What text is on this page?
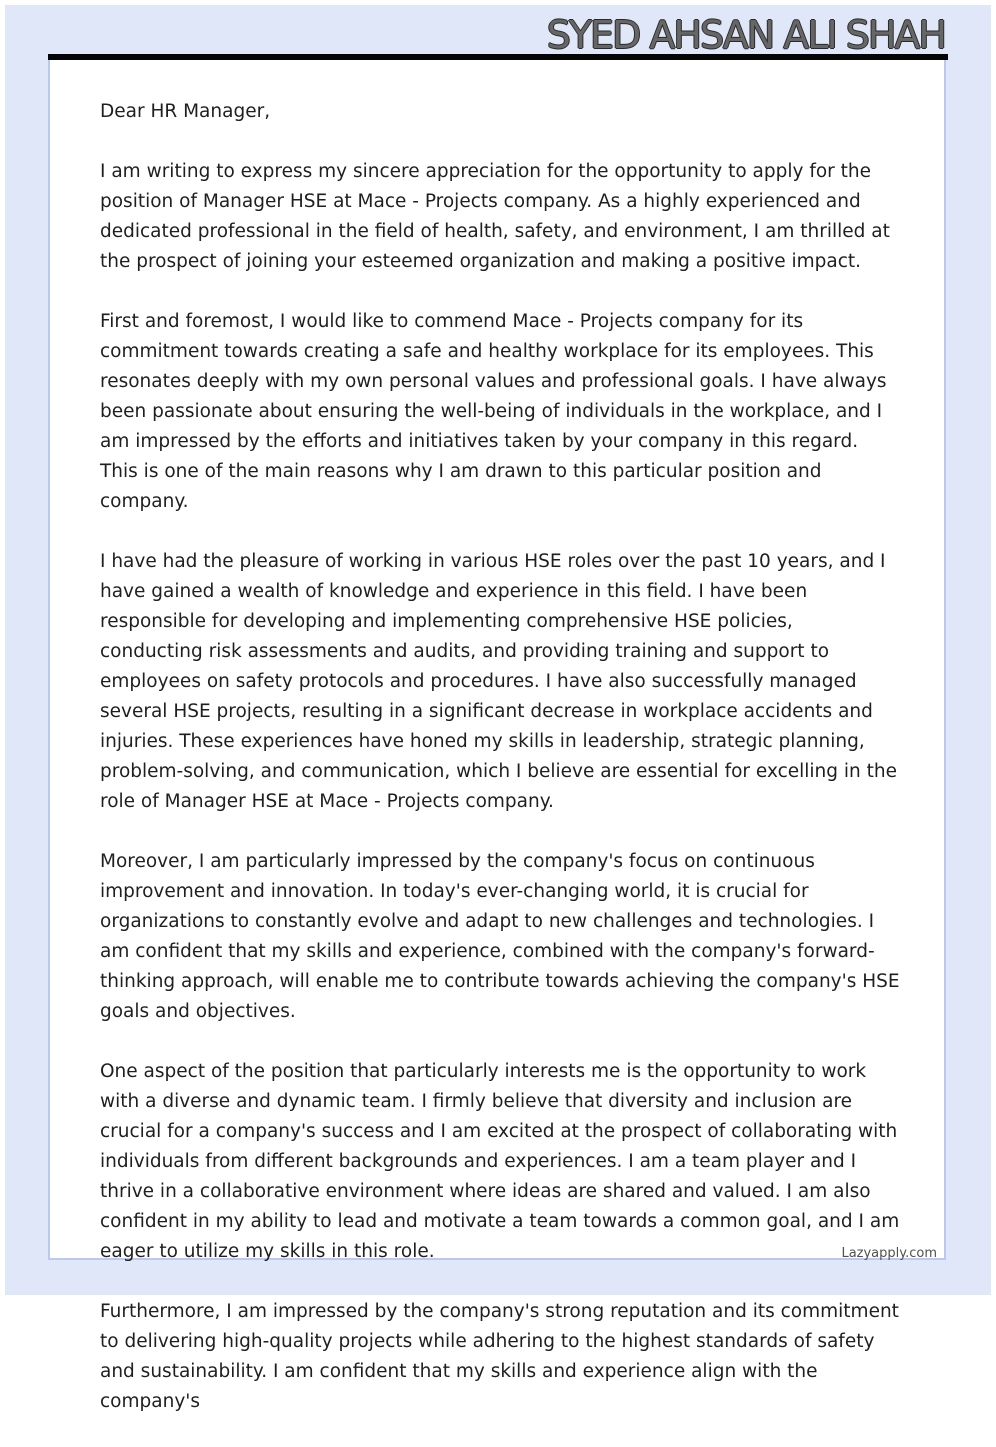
SYED AHSAN ALI SHAH

Dear HR Manager,

I am writing to express my sincere appreciation for the opportunity to apply for the position of Manager HSE at Mace - Projects company. As a highly experienced and dedicated professional in the field of health, safety, and environment, I am thrilled at the prospect of joining your esteemed organization and making a positive impact.

First and foremost, I would like to commend Mace - Projects company for its commitment towards creating a safe and healthy workplace for its employees. This resonates deeply with my own personal values and professional goals. I have always been passionate about ensuring the well-being of individuals in the workplace, and I am impressed by the efforts and initiatives taken by your company in this regard. This is one of the main reasons why I am drawn to this particular position and company.

I have had the pleasure of working in various HSE roles over the past 10 years, and I have gained a wealth of knowledge and experience in this field. I have been responsible for developing and implementing comprehensive HSE policies, conducting risk assessments and audits, and providing training and support to employees on safety protocols and procedures. I have also successfully managed several HSE projects, resulting in a significant decrease in workplace accidents and injuries. These experiences have honed my skills in leadership, strategic planning, problem-solving, and communication, which I believe are essential for excelling in the role of Manager HSE at Mace - Projects company.

Moreover, I am particularly impressed by the company's focus on continuous improvement and innovation. In today's ever-changing world, it is crucial for organizations to constantly evolve and adapt to new challenges and technologies. I am confident that my skills and experience, combined with the company's forward-thinking approach, will enable me to contribute towards achieving the company's HSE goals and objectives.

One aspect of the position that particularly interests me is the opportunity to work with a diverse and dynamic team. I firmly believe that diversity and inclusion are crucial for a company's success and I am excited at the prospect of collaborating with individuals from different backgrounds and experiences. I am a team player and I thrive in a collaborative environment where ideas are shared and valued. I am also confident in my ability to lead and motivate a team towards a common goal, and I am eager to utilize my skills in this role.

Furthermore, I am impressed by the company's strong reputation and its commitment to delivering high-quality projects while adhering to the highest standards of safety and sustainability. I am confident that my skills and experience align with the company's

Lazyapply.com
